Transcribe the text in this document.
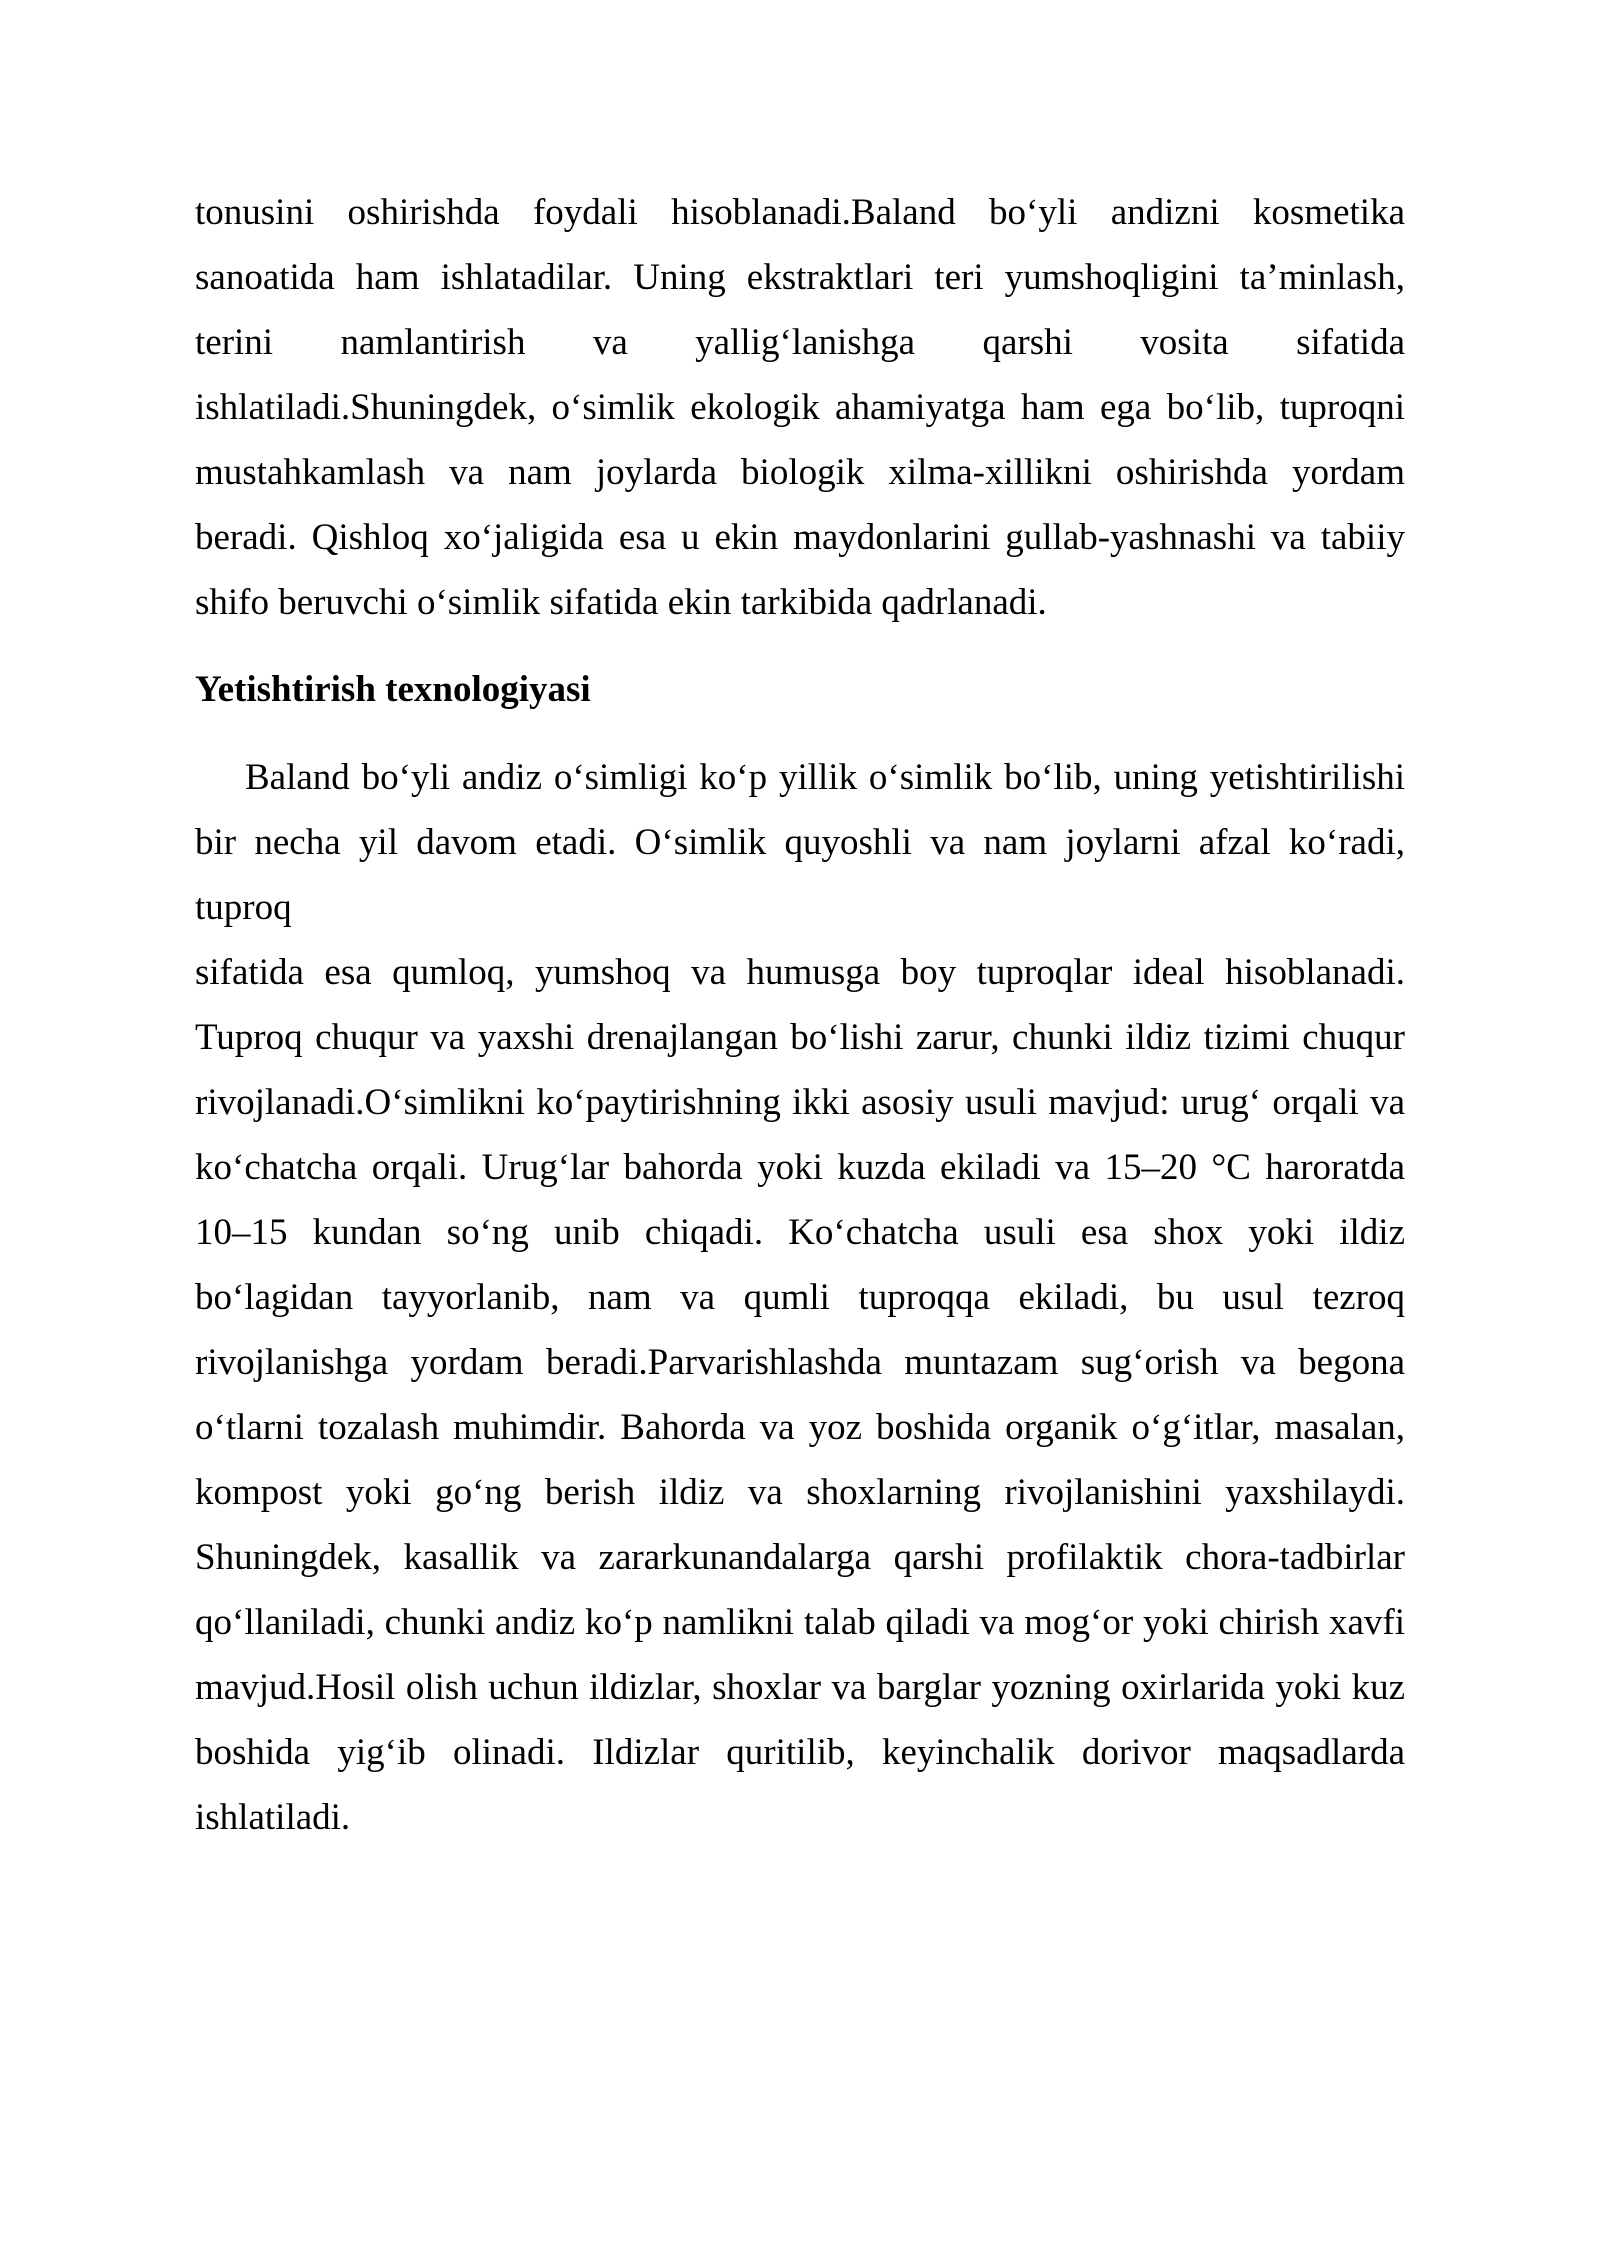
tonusini oshirishda foydali hisoblanadi.Baland bo‘yli andizni kosmetika
sanoatida ham ishlatadilar. Uning ekstraktlari teri yumshoqligini ta’minlash,
terini namlantirish va yallig‘lanishga qarshi vosita sifatida
ishlatiladi.Shuningdek, o‘simlik ekologik ahamiyatga ham ega bo‘lib, tuproqni
mustahkamlash va nam joylarda biologik xilma-xillikni oshirishda yordam
beradi. Qishloq xo‘jaligida esa u ekin maydonlarini gullab-yashnashi va tabiiy
shifo beruvchi o‘simlik sifatida ekin tarkibida qadrlanadi.
Yetishtirish texnologiyasi
Baland bo‘yli andiz o‘simligi ko‘p yillik o‘simlik bo‘lib, uning yetishtirilishi
bir necha yil davom etadi. O‘simlik quyoshli va nam joylarni afzal ko‘radi, tuproq
sifatida esa qumloq, yumshoq va humusga boy tuproqlar ideal hisoblanadi.
Tuproq chuqur va yaxshi drenajlangan bo‘lishi zarur, chunki ildiz tizimi chuqur
rivojlanadi.O‘simlikni ko‘paytirishning ikki asosiy usuli mavjud: urug‘ orqali va
ko‘chatcha orqali. Urug‘lar bahorda yoki kuzda ekiladi va 15–20 °C haroratda
10–15 kundan so‘ng unib chiqadi. Ko‘chatcha usuli esa shox yoki ildiz
bo‘lagidan tayyorlanib, nam va qumli tuproqqa ekiladi, bu usul tezroq
rivojlanishga yordam beradi.Parvarishlashda muntazam sug‘orish va begona
o‘tlarni tozalash muhimdir. Bahorda va yoz boshida organik o‘g‘itlar, masalan,
kompost yoki go‘ng berish ildiz va shoxlarning rivojlanishini yaxshilaydi.
Shuningdek, kasallik va zararkunandalarga qarshi profilaktik chora-tadbirlar
qo‘llaniladi, chunki andiz ko‘p namlikni talab qiladi va mog‘or yoki chirish xavfi
mavjud.Hosil olish uchun ildizlar, shoxlar va barglar yozning oxirlarida yoki kuz
boshida yig‘ib olinadi. Ildizlar quritilib, keyinchalik dorivor maqsadlarda
ishlatiladi.
